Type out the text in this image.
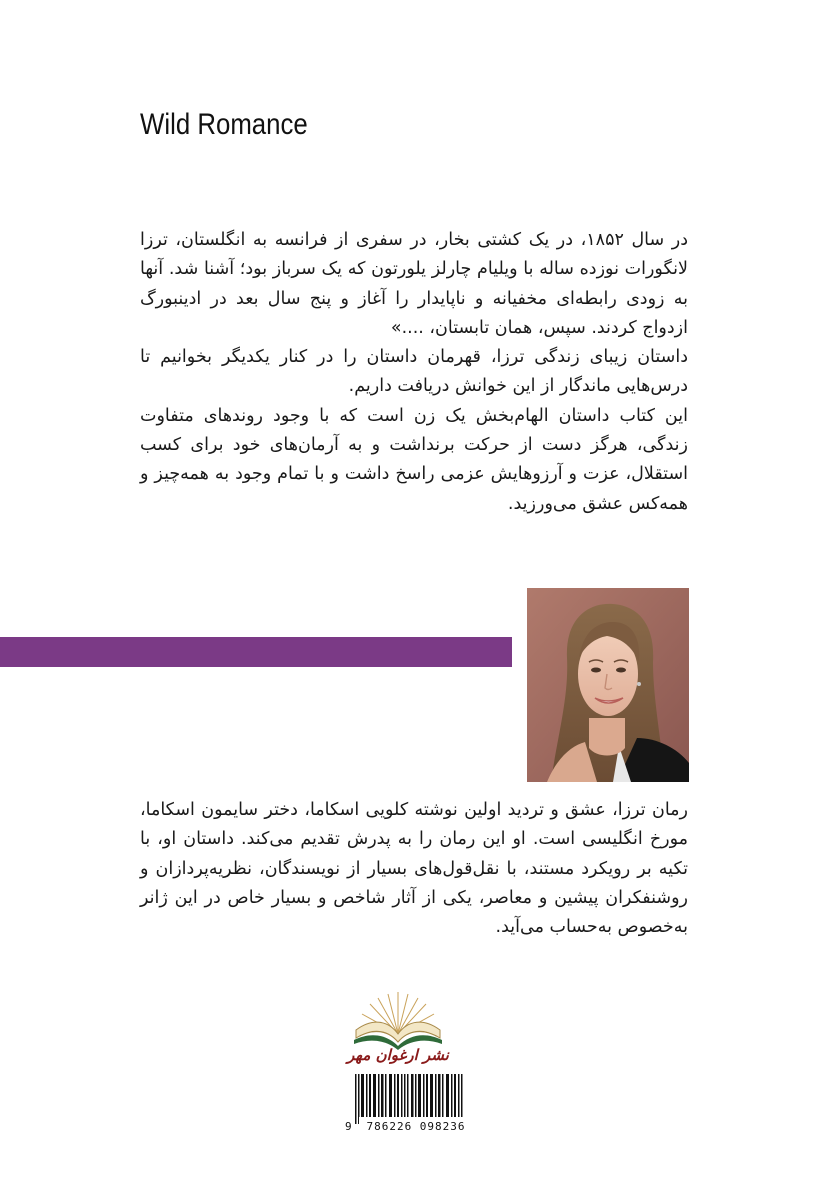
Wild Romance

در سال ۱۸۵۲، در یک کشتی بخار، در سفری از فرانسه به انگلستان، ترزا لانگورات نوزده ساله با ویلیام چارلز یلورتون که یک سرباز بود؛ آشنا شد. آنها به زودی رابطه‌ای مخفیانه و ناپایدار را آغاز و پنج سال بعد در ادینبورگ ازدواج کردند. سپس، همان تابستان، ....»

داستان زیبای زندگی ترزا، قهرمان داستان را در کنار یکدیگر بخوانیم تا درس‌هایی ماندگار از این خوانش دریافت داریم.

این کتاب داستان الهام‌بخش یک زن است که با وجود روندهای متفاوت زندگی، هرگز دست از حرکت برنداشت و به آرمان‌های خود برای کسب استقلال، عزت و آرزوهایش عزمی راسخ داشت و با تمام وجود به همه‌چیز و همه‌کس عشق می‌ورزید.

رمان ترزا، عشق و تردید اولین نوشته کلویی اسکاما، دختر سایمون اسکاما، مورخ انگلیسی است. او این رمان را به پدرش تقدیم می‌کند. داستان او، با تکیه بر رویکرد مستند، با نقل‌قول‌های بسیار از نویسندگان، نظریه‌پردازان و روشنفکران پیشین و معاصر، یکی از آثار شاخص و بسیار خاص در این ژانر به‌خصوص به‌حساب می‌آید.

نشر ارغوان مهر
9	786226 098236
